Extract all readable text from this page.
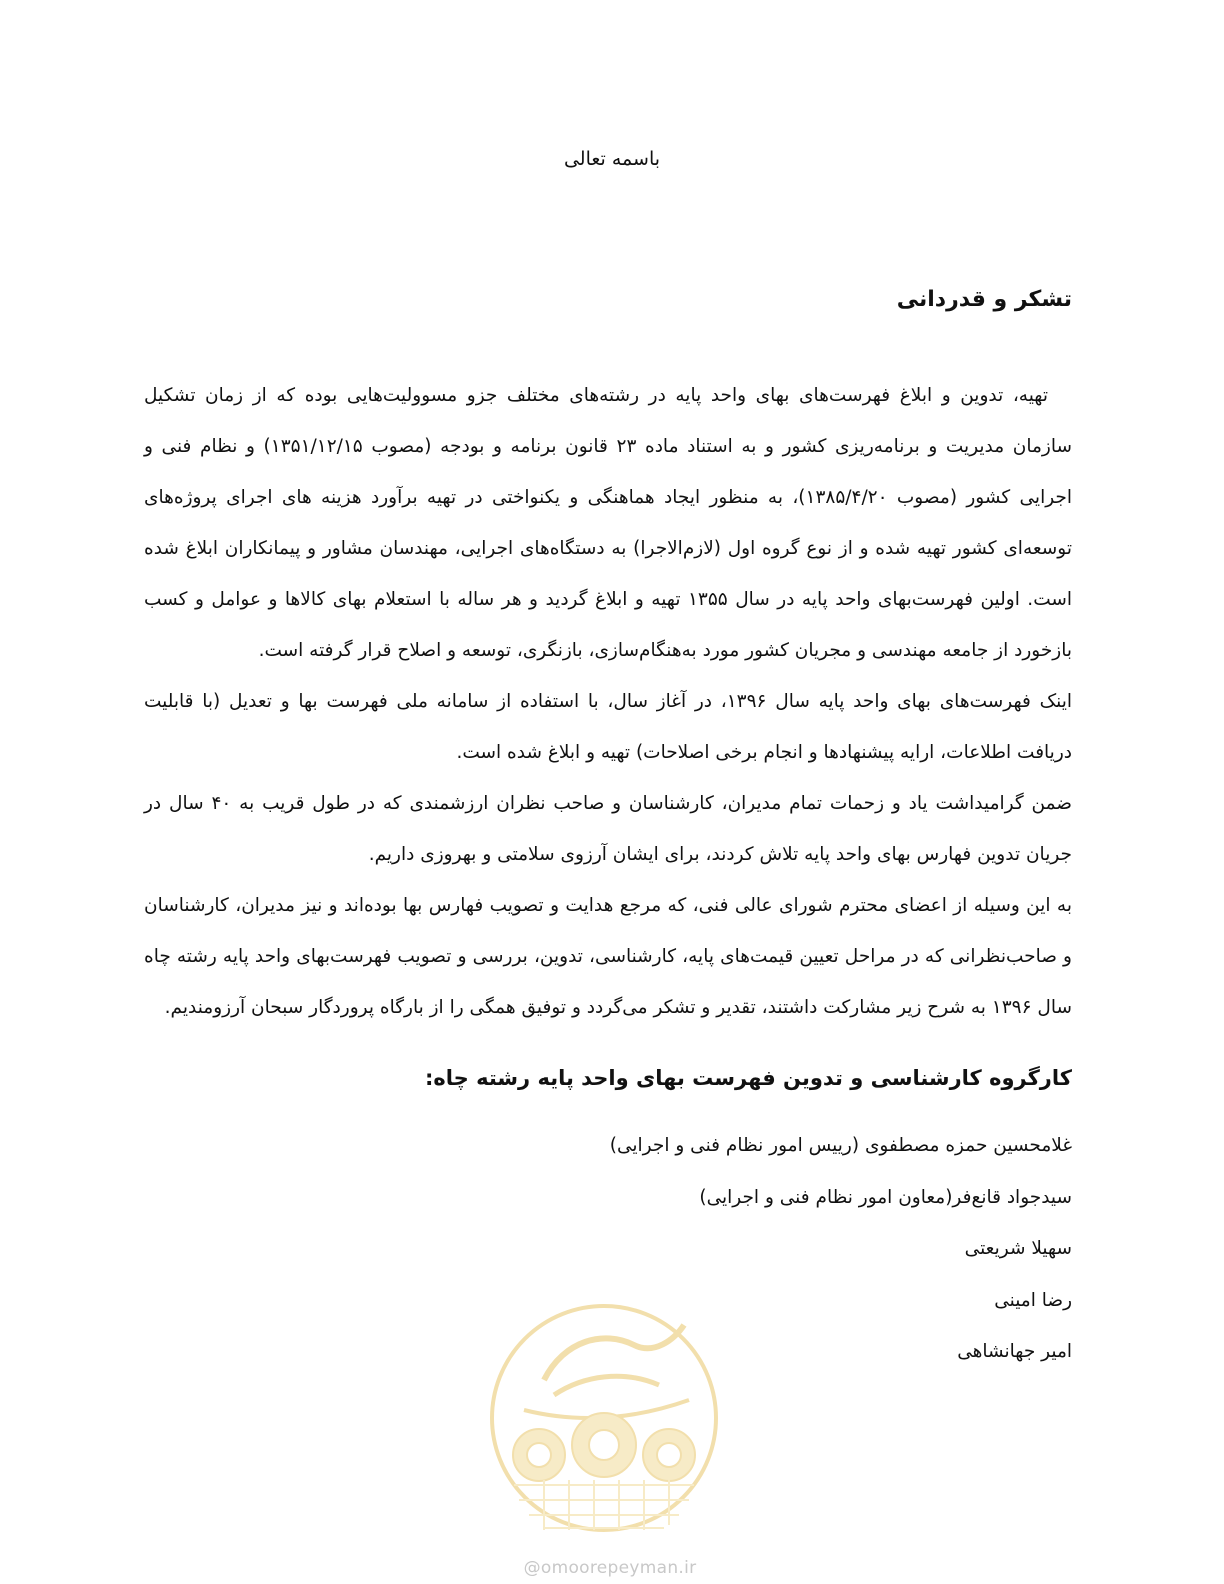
باسمه تعالی
تشکر و قدردانی

تهیه، تدوین و ابلاغ فهرست‌های بهای واحد پایه در رشته‌های مختلف جزو مسوولیت‌هایی بوده که از زمان تشکیل سازمان مدیریت و برنامه‌ریزی کشور و به استناد ماده ۲۳ قانون برنامه و بودجه (مصوب ۱۳۵۱/۱۲/۱۵) و نظام فنی و اجرایی کشور (مصوب ۱۳۸۵/۴/۲۰)، به منظور ایجاد هماهنگی و یکنواختی در تهیه برآورد هزینه های اجرای پروژه‌های توسعه‌ای کشور تهیه شده و از نوع گروه اول (لازم‌الاجرا) به دستگاه‌های اجرایی، مهندسان مشاور و پیمانکاران ابلاغ شده است. اولین فهرست‌بهای واحد پایه در سال ۱۳۵۵ تهیه و ابلاغ گردید و هر ساله با استعلام بهای کالاها و عوامل و کسب بازخورد از جامعه مهندسی و مجریان کشور مورد به‌هنگام‌سازی، بازنگری، توسعه و اصلاح قرار گرفته است.

اینک فهرست‌های بهای واحد پایه سال ۱۳۹۶، در آغاز سال، با استفاده از سامانه ملی فهرست بها و تعدیل (با قابلیت دریافت اطلاعات، ارایه پیشنهادها و انجام برخی اصلاحات) تهیه و ابلاغ شده است.

ضمن گرامیداشت یاد و زحمات تمام مدیران، کارشناسان و صاحب نظران ارزشمندی که در طول قریب به ۴۰ سال در جریان تدوین فهارس بهای واحد پایه تلاش کردند، برای ایشان آرزوی سلامتی و بهروزی داریم.

به این وسیله از اعضای محترم شورای عالی فنی، که مرجع هدایت و تصویب فهارس بها بوده‌اند و نیز مدیران، کارشناسان و صاحب‌نظرانی که در مراحل تعیین قیمت‌های پایه، کارشناسی، تدوین، بررسی و تصویب فهرست‌بهای واحد پایه رشته چاه سال ۱۳۹۶ به شرح زیر مشارکت داشتند، تقدیر و تشکر می‌گردد و توفیق همگی را از بارگاه پروردگار سبحان آرزومندیم.

کارگروه کارشناسی و تدوین فهرست بهای واحد پایه رشته چاه:
غلامحسین حمزه مصطفوی (رییس امور نظام فنی و اجرایی)
سیدجواد قانع‌فر(معاون امور نظام فنی و اجرایی)
سهیلا شریعتی
رضا امینی
امیر جهانشاهی
@omoorepeyman.ir
